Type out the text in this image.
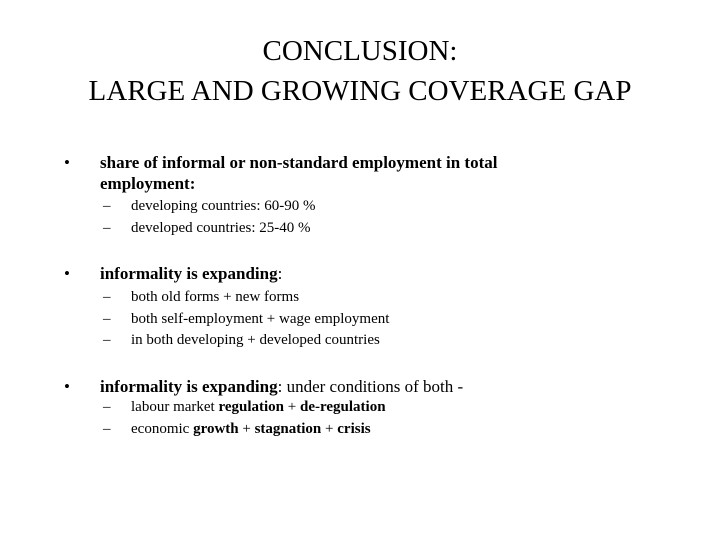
CONCLUSION:
LARGE AND GROWING COVERAGE GAP
• share of informal or non-standard employment in total employment:
– developing countries: 60-90 %
– developed countries: 25-40 %
• informality is expanding:
– both old forms + new forms
– both self-employment + wage employment
– in both developing + developed countries
• informality is expanding: under conditions of both -
– labour market regulation + de-regulation
– economic growth + stagnation + crisis
